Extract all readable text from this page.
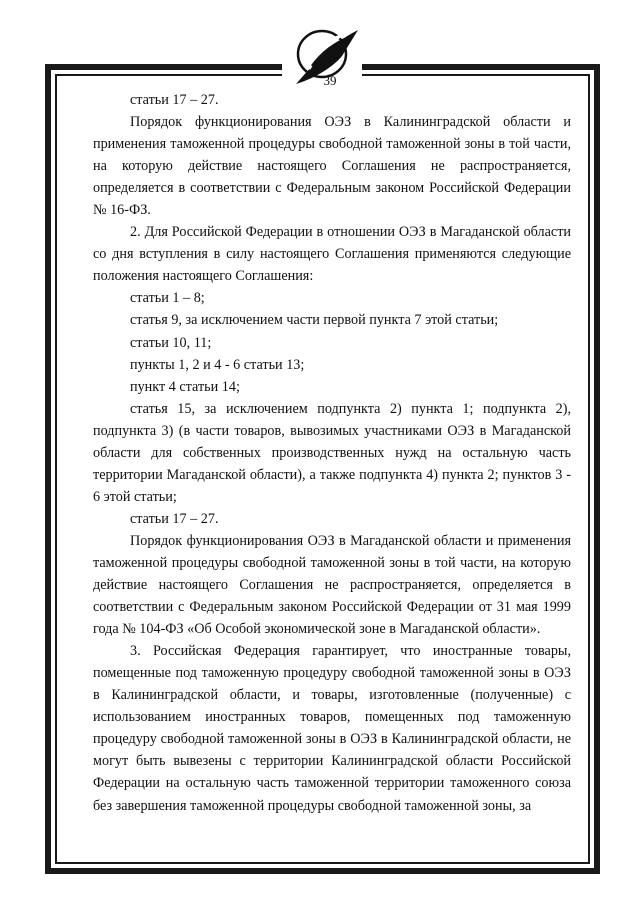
39

статьи 17 – 27.

Порядок функционирования ОЭЗ в Калининградской области и применения таможенной процедуры свободной таможенной зоны в той части, на которую действие настоящего Соглашения не распространяется, определяется в соответствии с Федеральным законом Российской Федерации № 16-ФЗ.

2. Для Российской Федерации в отношении ОЭЗ в Магаданской области со дня вступления в силу настоящего Соглашения применяются следующие положения настоящего Соглашения:

статьи 1 – 8;

статья 9, за исключением части первой пункта 7 этой статьи;

статьи 10, 11;

пункты 1, 2 и 4 - 6 статьи 13;

пункт 4 статьи 14;

статья 15, за исключением подпункта 2) пункта 1; подпункта 2), подпункта 3) (в части товаров, вывозимых участниками ОЭЗ в Магаданской области для собственных производственных нужд на остальную часть территории Магаданской области), а также подпункта 4) пункта 2; пунктов 3 - 6 этой статьи;

статьи 17 – 27.

Порядок функционирования ОЭЗ в Магаданской области и применения таможенной процедуры свободной таможенной зоны в той части, на которую действие настоящего Соглашения не распространяется, определяется в соответствии с Федеральным законом Российской Федерации от 31 мая 1999 года № 104-ФЗ «Об Особой экономической зоне в Магаданской области».

3. Российская Федерация гарантирует, что иностранные товары, помещенные под таможенную процедуру свободной таможенной зоны в ОЭЗ в Калининградской области, и товары, изготовленные (полученные) с использованием иностранных товаров, помещенных под таможенную процедуру свободной таможенной зоны в ОЭЗ в Калининградской области, не могут быть вывезены с территории Калининградской области Российской Федерации на остальную часть таможенной территории таможенного союза без завершения таможенной процедуры свободной таможенной зоны, за
